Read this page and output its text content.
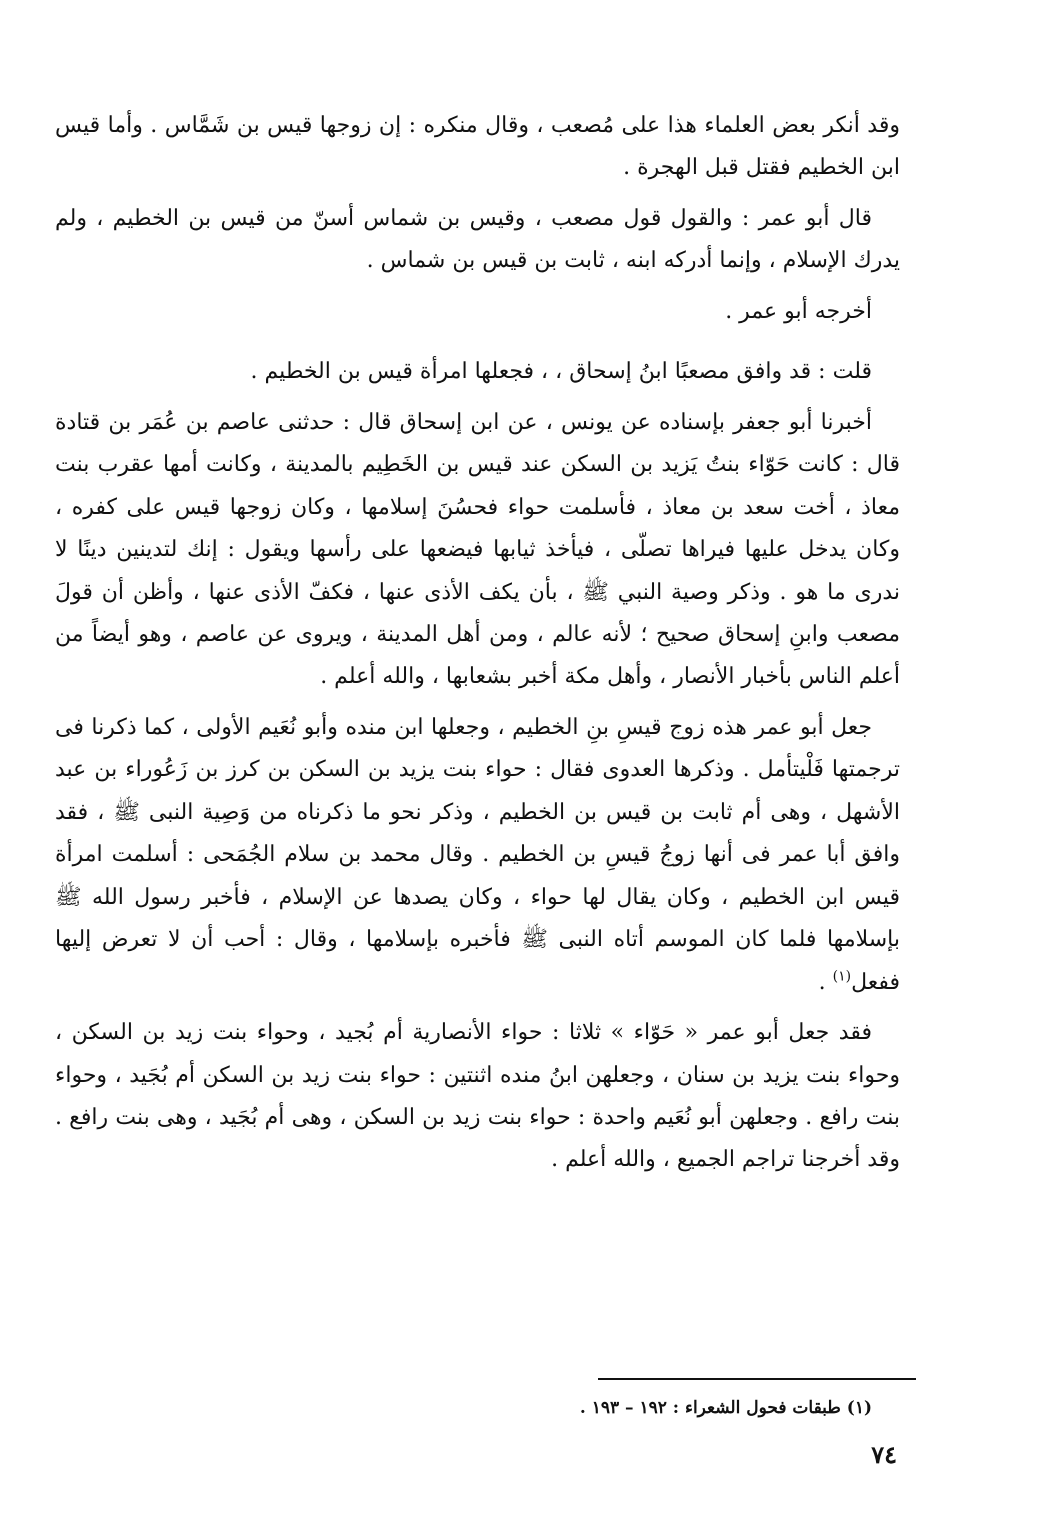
وقد أنكر بعض العلماء هذا على مُصعب ، وقال منكره : إن زوجها قيس بن شَمَّاس . وأما قيس ابن الخطيم فقتل قبل الهجرة .

قال أبو عمر : والقول قول مصعب ، وقيس بن شماس أسنّ من قيس بن الخطيم ، ولم يدرك الإسلام ، وإنما أدركه ابنه ، ثابت بن قيس بن شماس .

أخرجه أبو عمر .

قلت : قد وافق مصعبًا ابنُ إسحاق ، ، فجعلها امرأة قيس بن الخطيم .

أخبرنا أبو جعفر بإسناده عن يونس ، عن ابن إسحاق قال : حدثنى عاصم بن عُمَر بن قتادة قال : كانت حَوّاء بنتُ يَزيد بن السكن عند قيس بن الخَطِيم بالمدينة ، وكانت أمها عقرب بنت معاذ ، أخت سعد بن معاذ ، فأسلمت حواء فحسُنَ إسلامها ، وكان زوجها قيس على كفره ، وكان يدخل عليها فيراها تصلّى ، فيأخذ ثيابها فيضعها على رأسها ويقول : إنك لتدينين دينًا لا ندرى ما هو . وذكر وصية النبي ﷺ ، بأن يكف الأذى عنها ، فكفّ الأذى عنها ، وأظن أن قولَ مصعب وابنِ إسحاق صحيح ؛ لأنه عالم ، ومن أهل المدينة ، ويروى عن عاصم ، وهو أيضاً من أعلم الناس بأخبار الأنصار ، وأهل مكة أخبر بشعابها ، والله أعلم .

جعل أبو عمر هذه زوج قيسِ بنِ الخطيم ، وجعلها ابن منده وأبو نُعَيم الأولى ، كما ذكرنا فى ترجمتها فَلْيتأمل . وذكرها العدوى فقال : حواء بنت يزيد بن السكن بن كرز بن زَعُوراء بن عبد الأشهل ، وهى أم ثابت بن قيس بن الخطيم ، وذكر نحو ما ذكرناه من وَصِية النبى ﷺ ، فقد وافق أبا عمر فى أنها زوجُ قيسِ بن الخطيم . وقال محمد بن سلام الجُمَحى : أسلمت امرأة قيس ابن الخطيم ، وكان يقال لها حواء ، وكان يصدها عن الإسلام ، فأخبر رسول الله ﷺ بإسلامها فلما كان الموسم أتاه النبى ﷺ فأخبره بإسلامها ، وقال : أحب أن لا تعرض إليها ففعل$^{(١)}$ .

فقد جعل أبو عمر « حَوّاء » ثلاثا : حواء الأنصارية أم بُجيد ، وحواء بنت زيد بن السكن ، وحواء بنت يزيد بن سنان ، وجعلهن ابنُ منده اثنتين : حواء بنت زيد بن السكن أم بُجَيد ، وحواء بنت رافع . وجعلهن أبو نُعَيم واحدة : حواء بنت زيد بن السكن ، وهى أم بُجَيد ، وهى بنت رافع . وقد أخرجنا تراجم الجميع ، والله أعلم .

(١) طبقات فحول الشعراء : ١٩٢ – ١٩٣ .
٧٤
